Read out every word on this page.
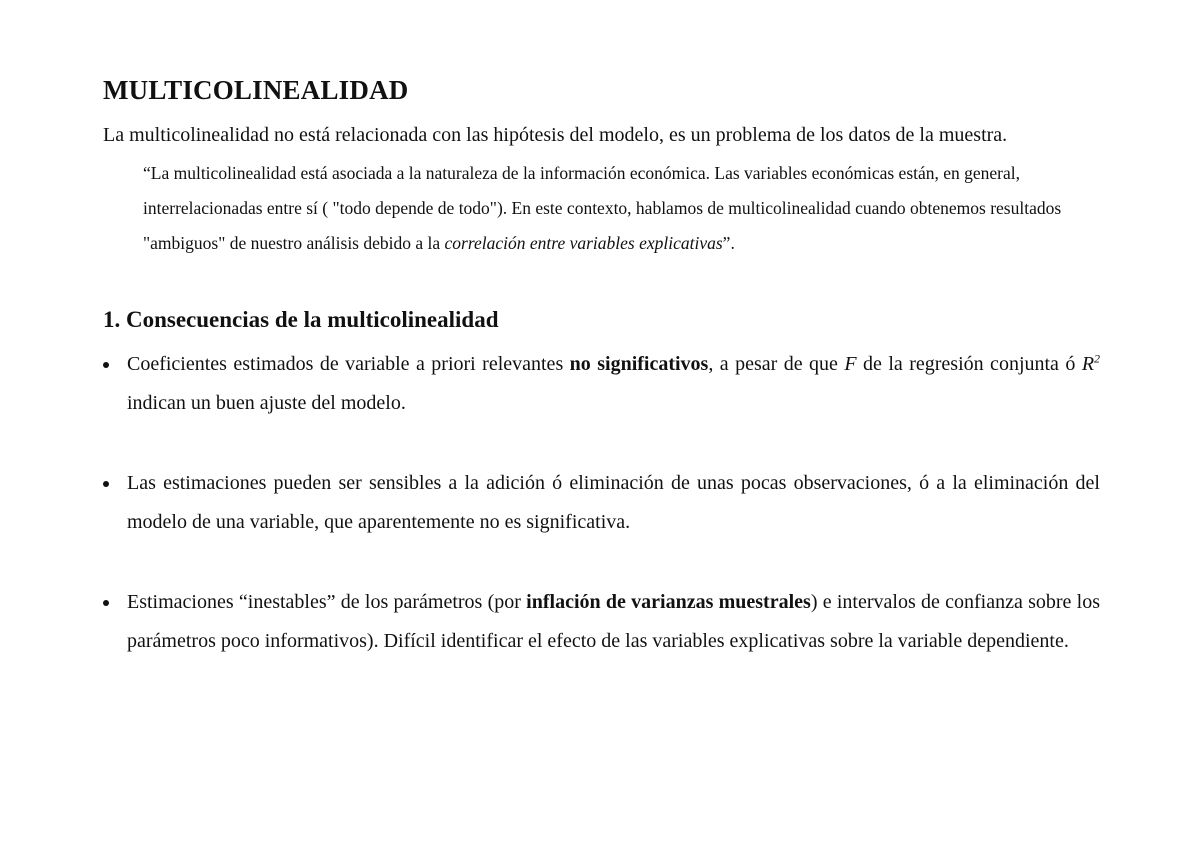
MULTICOLINEALIDAD

La multicolinealidad no está relacionada con las hipótesis del modelo, es un problema de los datos de la muestra.

“La multicolinealidad está asociada a la naturaleza de la información económica. Las variables económicas están, en general, interrelacionadas entre sí ( "todo depende de todo"). En este contexto, hablamos de multicolinealidad cuando obtenemos resultados "ambiguos" de nuestro análisis debido a la correlación entre variables explicativas”.

1. Consecuencias de la multicolinealidad
Coeficientes estimados de variable a priori relevantes no significativos, a pesar de que F de la regresión conjunta ó $R^2$ indican un buen ajuste del modelo.
Las estimaciones pueden ser sensibles a la adición ó eliminación de unas pocas observaciones, ó a la eliminación del modelo de una variable, que aparentemente no es significativa.
Estimaciones “inestables” de los parámetros (por inflación de varianzas muestrales) e intervalos de confianza sobre los parámetros poco informativos). Difícil identificar el efecto de las variables explicativas sobre la variable dependiente.
